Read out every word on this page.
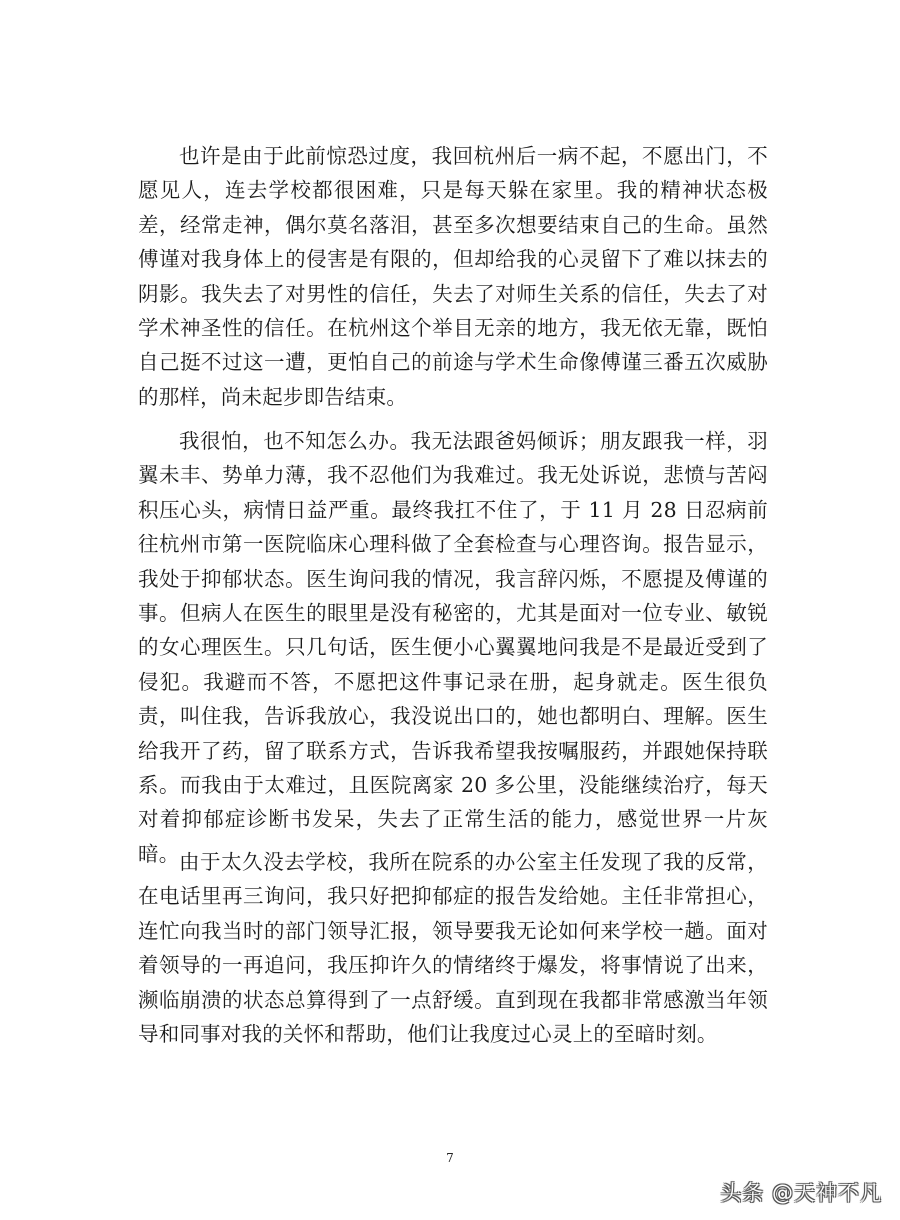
也许是由于此前惊恐过度，我回杭州后一病不起，不愿出门，不愿见人，连去学校都很困难，只是每天躲在家里。我的精神状态极差，经常走神，偶尔莫名落泪，甚至多次想要结束自己的生命。虽然傅谨对我身体上的侵害是有限的，但却给我的心灵留下了难以抹去的阴影。我失去了对男性的信任，失去了对师生关系的信任，失去了对学术神圣性的信任。在杭州这个举目无亲的地方，我无依无靠，既怕自己挺不过这一遭，更怕自己的前途与学术生命像傅谨三番五次威胁的那样，尚未起步即告结束。

我很怕，也不知怎么办。我无法跟爸妈倾诉；朋友跟我一样，羽翼未丰、势单力薄，我不忍他们为我难过。我无处诉说，悲愤与苦闷积压心头，病情日益严重。最终我扛不住了，于 11 月 28 日忍病前往杭州市第一医院临床心理科做了全套检查与心理咨询。报告显示，我处于抑郁状态。医生询问我的情况，我言辞闪烁，不愿提及傅谨的事。但病人在医生的眼里是没有秘密的，尤其是面对一位专业、敏锐的女心理医生。只几句话，医生便小心翼翼地问我是不是最近受到了侵犯。我避而不答，不愿把这件事记录在册，起身就走。医生很负责，叫住我，告诉我放心，我没说出口的，她也都明白、理解。医生给我开了药，留了联系方式，告诉我希望我按嘱服药，并跟她保持联系。而我由于太难过，且医院离家 20 多公里，没能继续治疗，每天对着抑郁症诊断书发呆，失去了正常生活的能力，感觉世界一片灰暗。 由于太久没去学校，我所在院系的办公室主任发现了我的反常，在电话里再三询问，我只好把抑郁症的报告发给她。主任非常担心，连忙向我当时的部门领导汇报，领导要我无论如何来学校一趟。面对着领导的一再追问，我压抑许久的情绪终于爆发，将事情说了出来，濒临崩溃的状态总算得到了一点舒缓。直到现在我都非常感激当年领导和同事对我的关怀和帮助，他们让我度过心灵上的至暗时刻。

7
头条 @天神不凡
